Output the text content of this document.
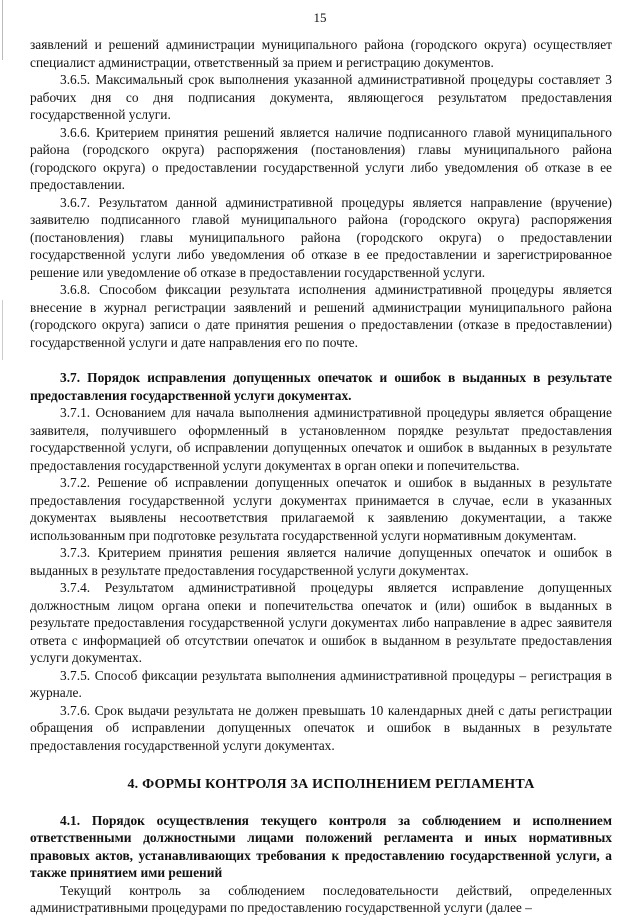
15

заявлений и решений администрации муниципального района (городского округа) осуществляет специалист администрации, ответственный за прием и регистрацию документов.

3.6.5. Максимальный срок выполнения указанной административной процедуры составляет 3 рабочих дня со дня подписания документа, являющегося результатом предоставления государственной услуги.

3.6.6. Критерием принятия решений является наличие подписанного главой муниципального района (городского округа) распоряжения (постановления) главы муниципального района (городского округа) о предоставлении государственной услуги либо уведомления об отказе в ее предоставлении.

3.6.7. Результатом данной административной процедуры является направление (вручение) заявителю подписанного главой муниципального района (городского округа) распоряжения (постановления) главы муниципального района (городского округа) о предоставлении государственной услуги либо уведомления об отказе в ее предоставлении и зарегистрированное решение или уведомление об отказе в предоставлении государственной услуги.

3.6.8. Способом фиксации результата исполнения административной процедуры является внесение в журнал регистрации заявлений и решений администрации муниципального района (городского округа) записи о дате принятия решения о предоставлении (отказе в предоставлении) государственной услуги и дате направления его по почте.

3.7. Порядок исправления допущенных опечаток и ошибок в выданных в результате предоставления государственной услуги документах.

3.7.1. Основанием для начала выполнения административной процедуры является обращение заявителя, получившего оформленный в установленном порядке результат предоставления государственной услуги, об исправлении допущенных опечаток и ошибок в выданных в результате предоставления государственной услуги документах в орган опеки и попечительства.

3.7.2. Решение об исправлении допущенных опечаток и ошибок в выданных в результате предоставления государственной услуги документах принимается в случае, если в указанных документах выявлены несоответствия прилагаемой к заявлению документации, а также использованным при подготовке результата государственной услуги нормативным документам.

3.7.3. Критерием принятия решения является наличие допущенных опечаток и ошибок в выданных в результате предоставления государственной услуги документах.

3.7.4. Результатом административной процедуры является исправление допущенных должностным лицом органа опеки и попечительства опечаток и (или) ошибок в выданных в результате предоставления государственной услуги документах либо направление в адрес заявителя ответа с информацией об отсутствии опечаток и ошибок в выданном в результате предоставления услуги документах.

3.7.5. Способ фиксации результата выполнения административной процедуры – регистрация в журнале.

3.7.6. Срок выдачи результата не должен превышать 10 календарных дней с даты регистрации обращения об исправлении допущенных опечаток и ошибок в выданных в результате предоставления государственной услуги документах.

4. ФОРМЫ КОНТРОЛЯ ЗА ИСПОЛНЕНИЕМ РЕГЛАМЕНТА

4.1. Порядок осуществления текущего контроля за соблюдением и исполнением ответственными должностными лицами положений регламента и иных нормативных правовых актов, устанавливающих требования к предоставлению государственной услуги, а также принятием ими решений

Текущий контроль за соблюдением последовательности действий, определенных административными процедурами по предоставлению государственной услуги (далее –
